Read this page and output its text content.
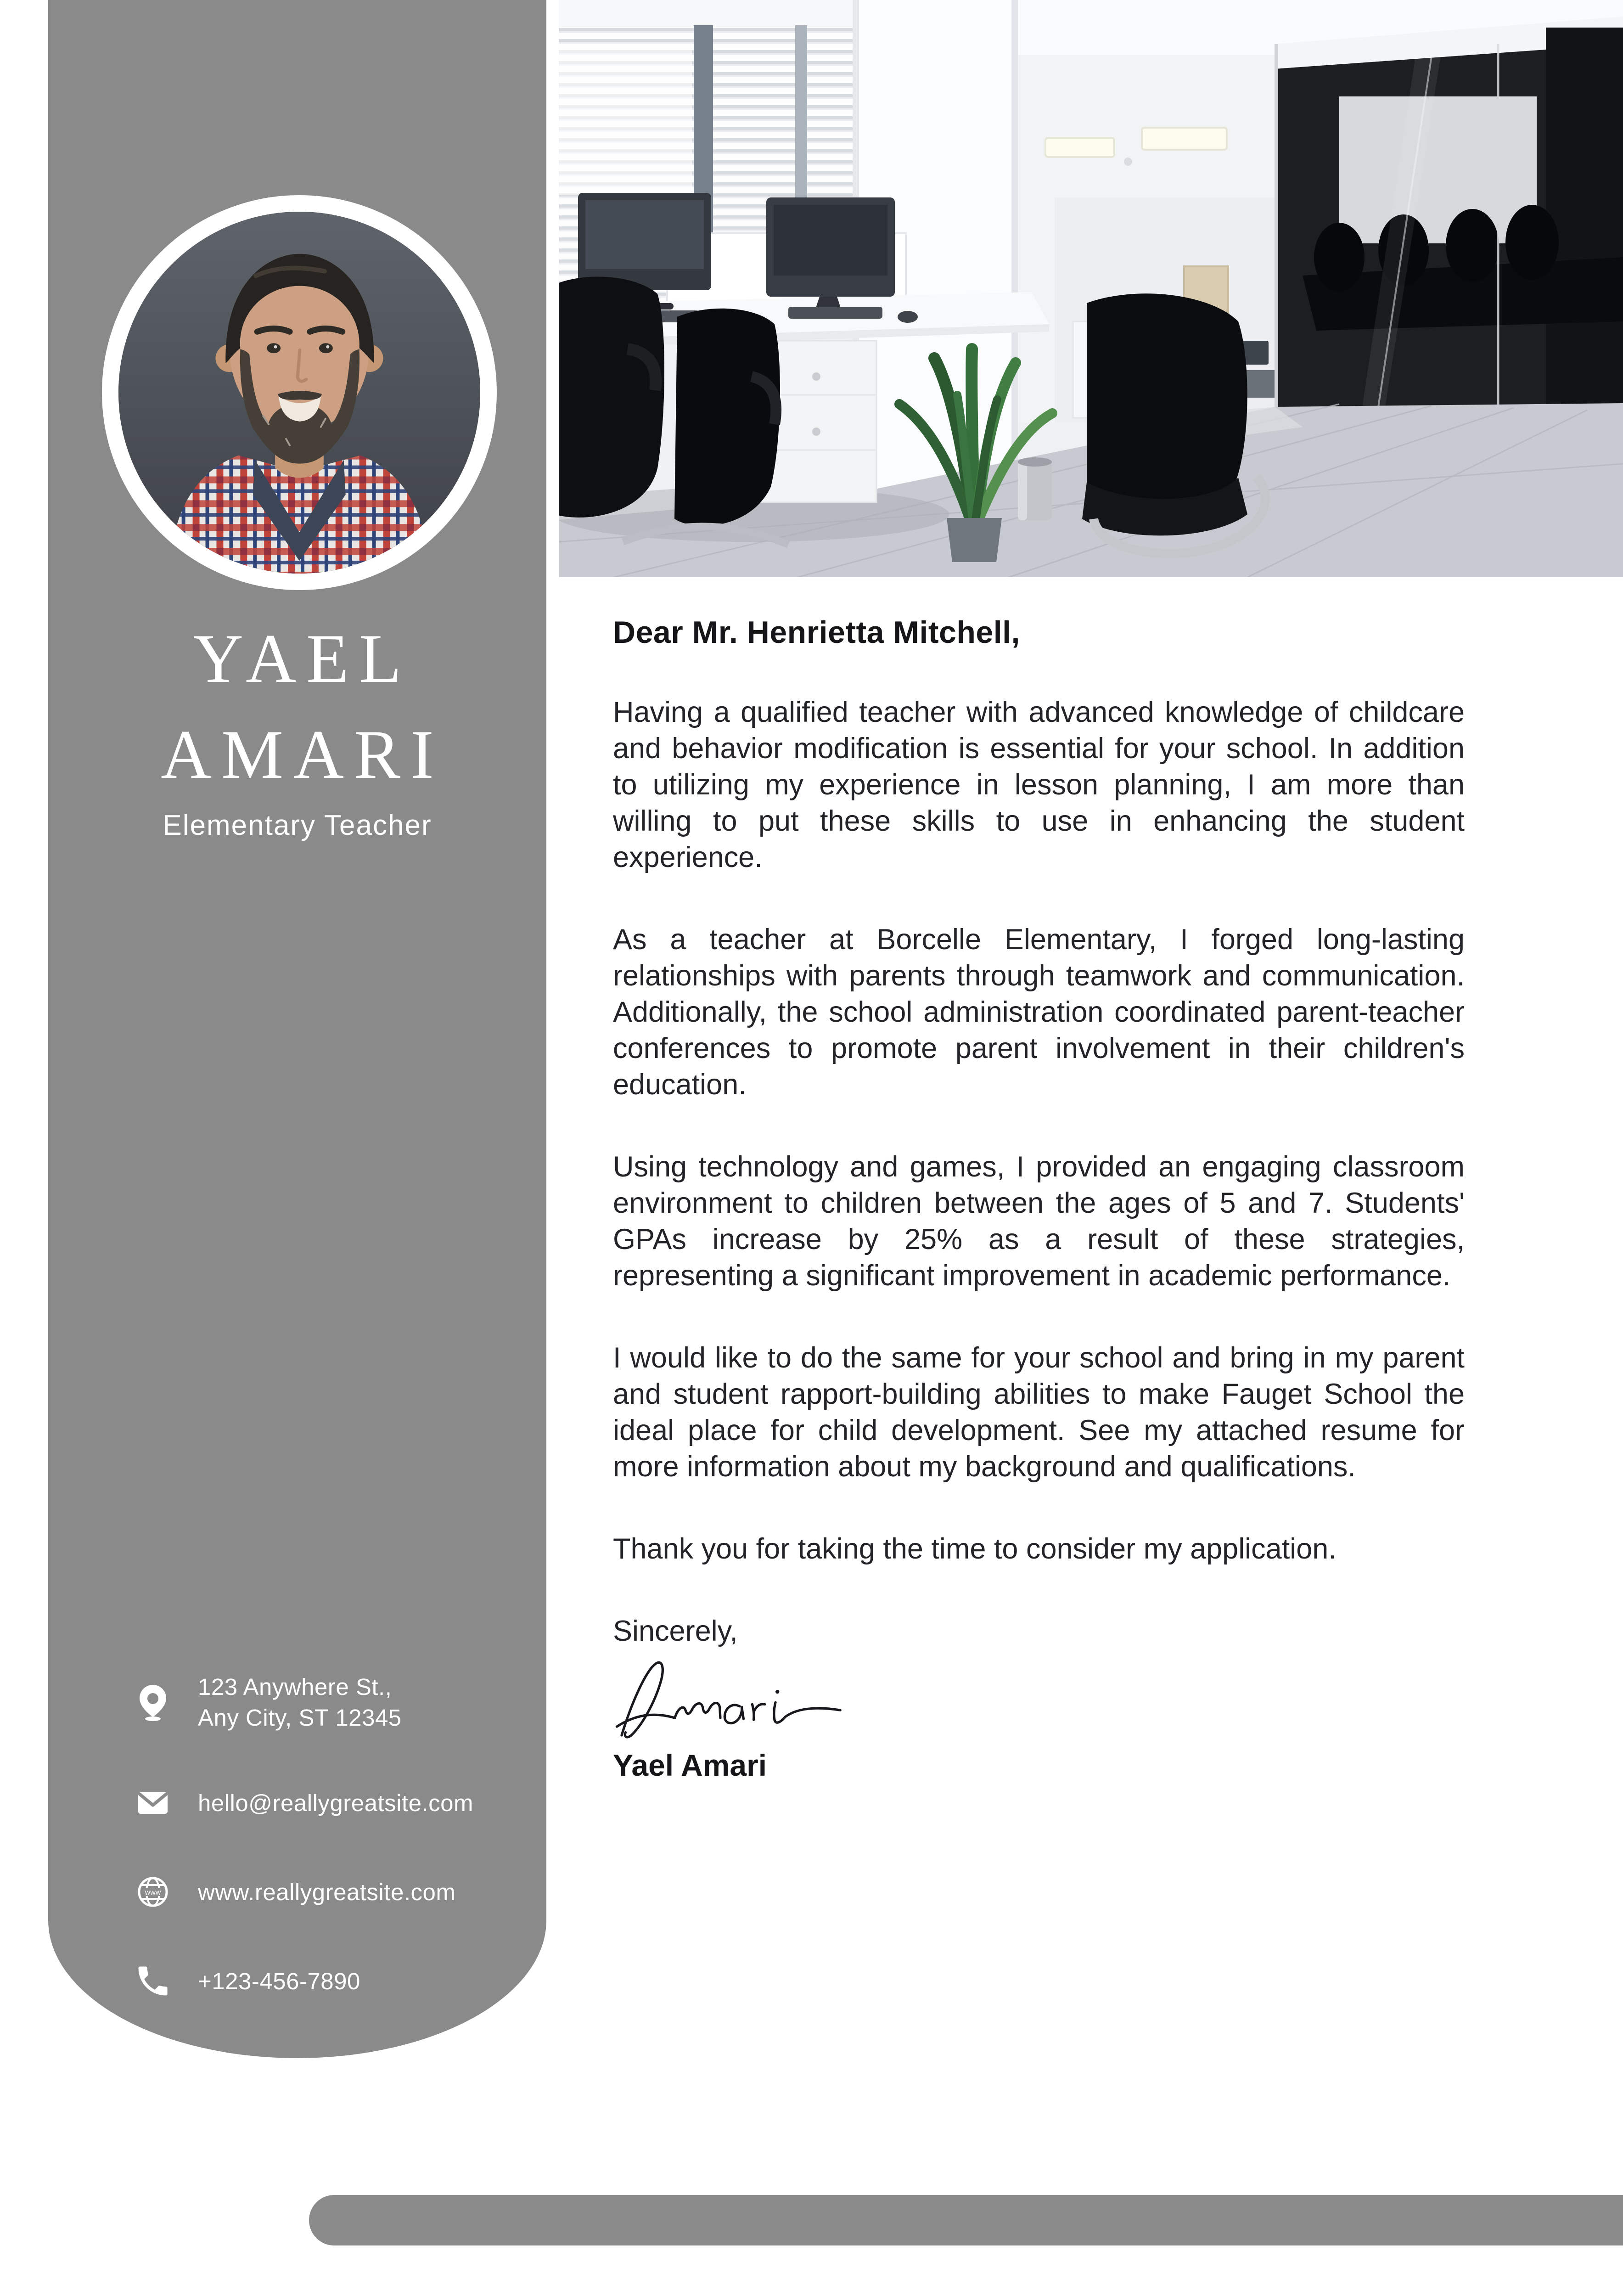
YAEL
AMARI
Elementary Teacher
123 Anywhere St.,
Any City, ST 12345
hello@reallygreatsite.com
www www.reallygreatsite.com
+123-456-7890
Dear Mr. Henrietta Mitchell,

Having a qualified teacher with advanced knowledge of childcare and behavior modification is essential for your school. In addition to utilizing my experience in lesson planning, I am more than willing to put these skills to use in enhancing the student experience.

As a teacher at Borcelle Elementary, I forged long-lasting relationships with parents through teamwork and communication. Additionally, the school administration coordinated parent-teacher conferences to promote parent involvement in their children's education.

Using technology and games, I provided an engaging classroom environment to children between the ages of 5 and 7. Students' GPAs increase by 25% as a result of these strategies, representing a significant improvement in academic performance.

I would like to do the same for your school and bring in my parent and student rapport-building abilities to make Fauget School the ideal place for child development. See my attached resume for more information about my background and qualifications.

Thank you for taking the time to consider my application.

Sincerely,

Yael Amari
